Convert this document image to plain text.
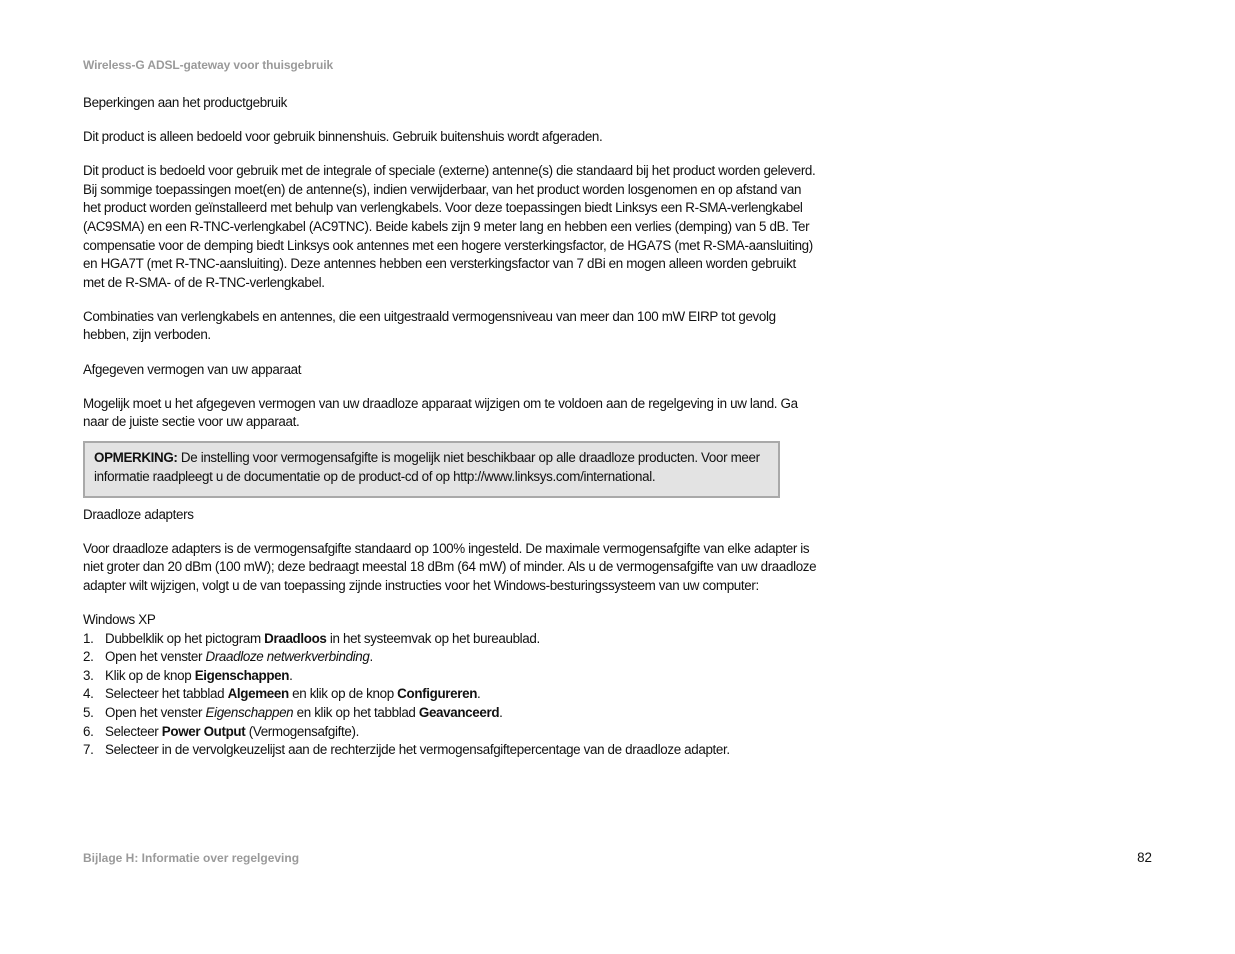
Wireless-G ADSL-gateway voor thuisgebruik

Beperkingen aan het productgebruik

Dit product is alleen bedoeld voor gebruik binnenshuis. Gebruik buitenshuis wordt afgeraden.

Dit product is bedoeld voor gebruik met de integrale of speciale (externe) antenne(s) die standaard bij het product worden geleverd. Bij sommige toepassingen moet(en) de antenne(s), indien verwijderbaar, van het product worden losgenomen en op afstand van het product worden geïnstalleerd met behulp van verlengkabels. Voor deze toepassingen biedt Linksys een R-SMA-verlengkabel (AC9SMA) en een R-TNC-verlengkabel (AC9TNC). Beide kabels zijn 9 meter lang en hebben een verlies (demping) van 5 dB. Ter compensatie voor de demping biedt Linksys ook antennes met een hogere versterkingsfactor, de HGA7S (met R-SMA-aansluiting) en HGA7T (met R-TNC-aansluiting). Deze antennes hebben een versterkingsfactor van 7 dBi en mogen alleen worden gebruikt met de R-SMA- of de R-TNC-verlengkabel.

Combinaties van verlengkabels en antennes, die een uitgestraald vermogensniveau van meer dan 100 mW EIRP tot gevolg hebben, zijn verboden.

Afgegeven vermogen van uw apparaat

Mogelijk moet u het afgegeven vermogen van uw draadloze apparaat wijzigen om te voldoen aan de regelgeving in uw land. Ga naar de juiste sectie voor uw apparaat.

OPMERKING: De instelling voor vermogensafgifte is mogelijk niet beschikbaar op alle draadloze producten. Voor meer informatie raadpleegt u de documentatie op de product-cd of op http://www.linksys.com/international.

Draadloze adapters

Voor draadloze adapters is de vermogensafgifte standaard op 100% ingesteld. De maximale vermogensafgifte van elke adapter is niet groter dan 20 dBm (100 mW); deze bedraagt meestal 18 dBm (64 mW) of minder. Als u de vermogensafgifte van uw draadloze adapter wilt wijzigen, volgt u de van toepassing zijnde instructies voor het Windows-besturingssysteem van uw computer:

Windows XP
1. Dubbelklik op het pictogram Draadloos in het systeemvak op het bureaublad.
2. Open het venster Draadloze netwerkverbinding.
3. Klik op de knop Eigenschappen.
4. Selecteer het tabblad Algemeen en klik op de knop Configureren.
5. Open het venster Eigenschappen en klik op het tabblad Geavanceerd.
6. Selecteer Power Output (Vermogensafgifte).
7. Selecteer in de vervolgkeuzelijst aan de rechterzijde het vermogensafgiftepercentage van de draadloze adapter.
Bijlage H: Informatie over regelgeving	82
